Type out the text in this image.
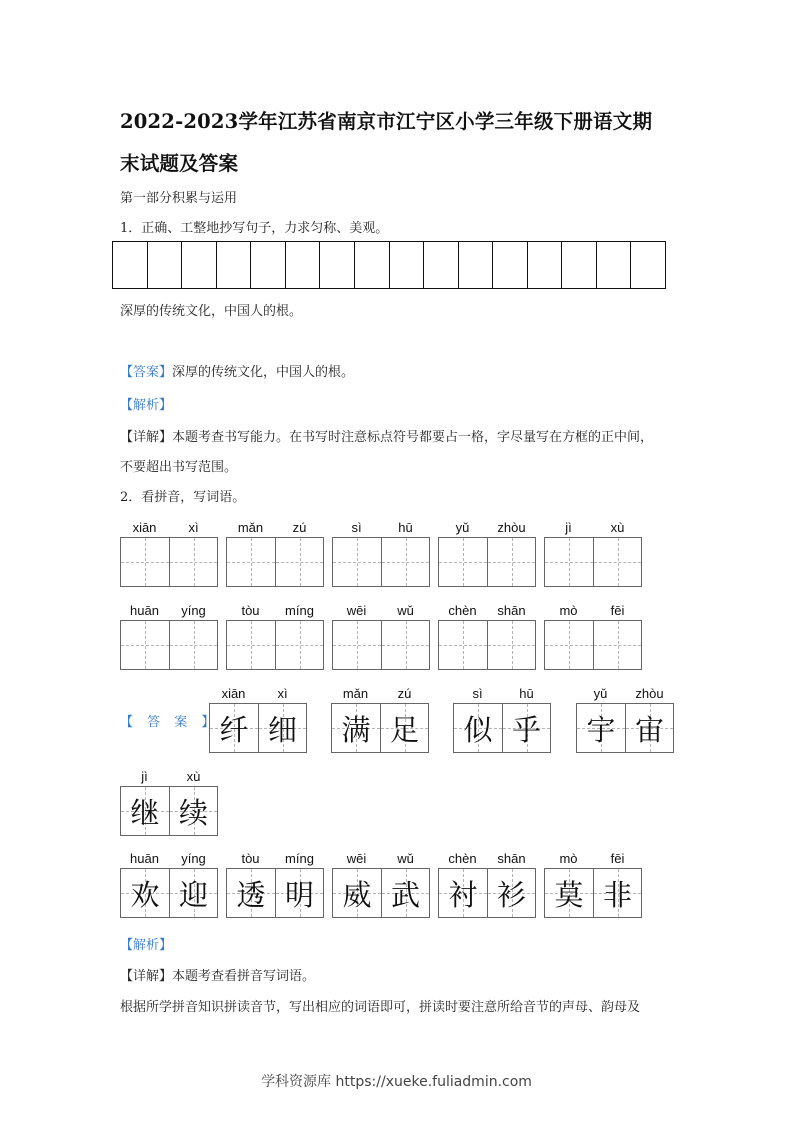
2022-2023学年江苏省南京市江宁区小学三年级下册语文期
末试题及答案
第一部分积累与运用
1．正确、工整地抄写句子，力求匀称、美观。
深厚的传统文化，中国人的根。
【答案】深厚的传统文化，中国人的根。
【解析】
【详解】本题考查书写能力。在书写时注意标点符号都要占一格，字尽量写在方框的正中间，
不要超出书写范围。
2．看拼音，写词语。
xiān	xì	mǎn	zú	sì	hū	yǔ	zhòu	jì	xù
huān	yíng	tòu	míng	wēi	wǔ	chèn	shān	mò	fēi
【 答 案 】
xiān	xì
纤 细
mǎn	zú
满 足
sì	hū
似 乎
yǔ	zhòu
宇 宙
jì	xù
继 续
huān	yíng
欢 迎
tòu	míng
透 明
wēi	wǔ
威 武
chèn	shān
衬 衫
mò	fēi
莫 非
【解析】
【详解】本题考查看拼音写词语。
根据所学拼音知识拼读音节，写出相应的词语即可，拼读时要注意所给音节的声母、韵母及
学科资源库 https://xueke.fuliadmin.com
